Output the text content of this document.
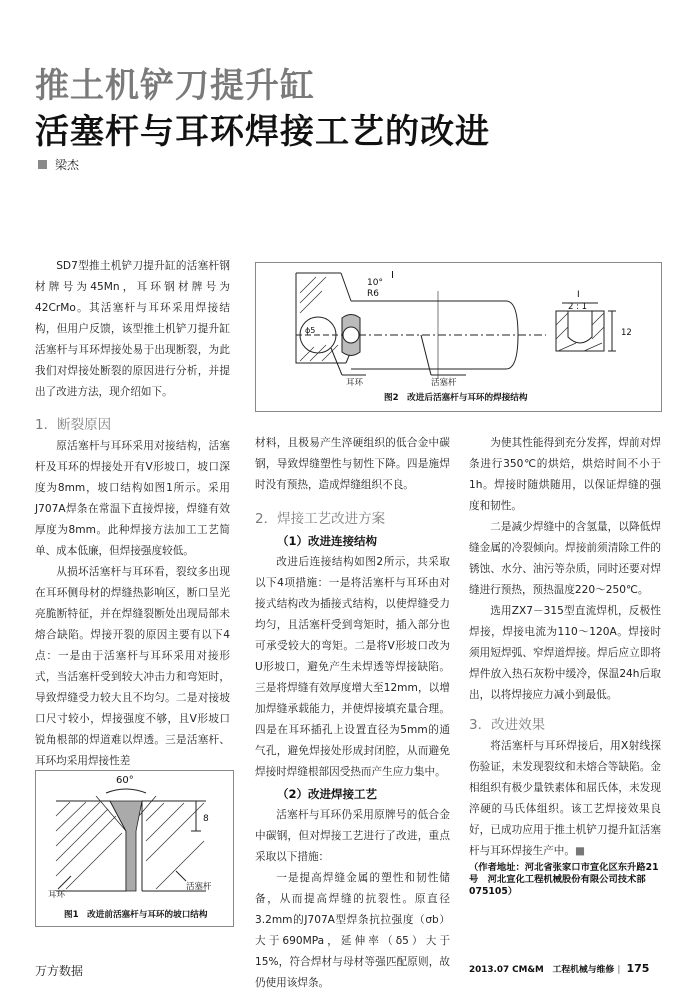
推土机铲刀提升缸
活塞杆与耳环焊接工艺的改进
梁杰

SD7型推土机铲刀提升缸的活塞杆钢材牌号为45Mn，耳环钢材牌号为42CrMo。其活塞杆与耳环采用焊接结构，但用户反馈，该型推土机铲刀提升缸活塞杆与耳环焊接处易于出现断裂，为此我们对焊接处断裂的原因进行分析，并提出了改进方法，现介绍如下。

10°
R6
I
ϕ5
耳环	活塞杆
I
2 : 1
12
图2　改进后活塞杆与耳环的焊接结构
1．断裂原因

原活塞杆与耳环采用对接结构，活塞杆及耳环的焊接处开有V形坡口，坡口深度为8mm，坡口结构如图1所示。采用J707A焊条在常温下直接焊接，焊缝有效厚度为8mm。此种焊接方法加工工艺简单、成本低廉，但焊接强度较低。

从损坏活塞杆与耳环看，裂纹多出现在耳环侧母材的焊缝热影响区，断口呈光亮脆断特征，并在焊缝裂断处出现局部未熔合缺陷。焊接开裂的原因主要有以下4点：一是由于活塞杆与耳环采用对接形式，当活塞杆受到较大冲击力和弯矩时，导致焊缝受力较大且不均匀。二是对接坡口尺寸较小，焊接强度不够，且V形坡口锐角根部的焊道难以焊透。三是活塞杆、耳环均采用焊接性差

60°
8
耳环
活塞杆
图1　改进前活塞杆与耳环的坡口结构

材料，且极易产生淬硬组织的低合金中碳钢，导致焊缝塑性与韧性下降。四是施焊时没有预热，造成焊缝组织不良。

2．焊接工艺改进方案
（1）改进连接结构

改进后连接结构如图2所示，共采取以下4项措施：一是将活塞杆与耳环由对接式结构改为插接式结构，以使焊缝受力均匀，且活塞杆受到弯矩时，插入部分也可承受较大的弯矩。二是将V形坡口改为U形坡口，避免产生未焊透等焊接缺陷。三是将焊缝有效厚度增大至12mm，以增加焊缝承载能力，并使焊接填充量合理。四是在耳环插孔上设置直径为5mm的通气孔，避免焊接处形成封闭腔，从而避免焊接时焊缝根部因受热而产生应力集中。

（2）改进焊接工艺

活塞杆与耳环仍采用原牌号的低合金中碳钢，但对焊接工艺进行了改进，重点采取以下措施：

一是提高焊缝金属的塑性和韧性储备，从而提高焊缝的抗裂性。原直径3.2mm的J707A型焊条抗拉强度（σb）大于690MPa，延伸率（δ5）大于15%，符合焊材与母材等强匹配原则，故仍使用该焊条。

为使其性能得到充分发挥，焊前对焊条进行350℃的烘焙，烘焙时间不小于1h。焊接时随烘随用，以保证焊缝的强度和韧性。

二是减少焊缝中的含氢量，以降低焊缝金属的冷裂倾向。焊接前须清除工件的锈蚀、水分、油污等杂质，同时还要对焊缝进行预热，预热温度220～250℃。

选用ZX7－315型直流焊机，反极性焊接，焊接电流为110～120A。焊接时须用短焊弧、窄焊道焊接。焊后应立即将焊件放入热石灰粉中缓冷，保温24h后取出，以将焊接应力减小到最低。

3．改进效果

将活塞杆与耳环焊接后，用X射线探伤验证，未发现裂纹和未熔合等缺陷。金相组织有极少量铁素体和屈氏体，未发现淬硬的马氏体组织。该工艺焊接效果良好，已成功应用于推土机铲刀提升缸活塞杆与耳环焊接生产中。■

（作者地址：河北省张家口市宣化区东升路21号　河北宣化工程机械股份有限公司技术部　075105）
万方数据	2013.07 CM&M　工程机械与维修 | 175
